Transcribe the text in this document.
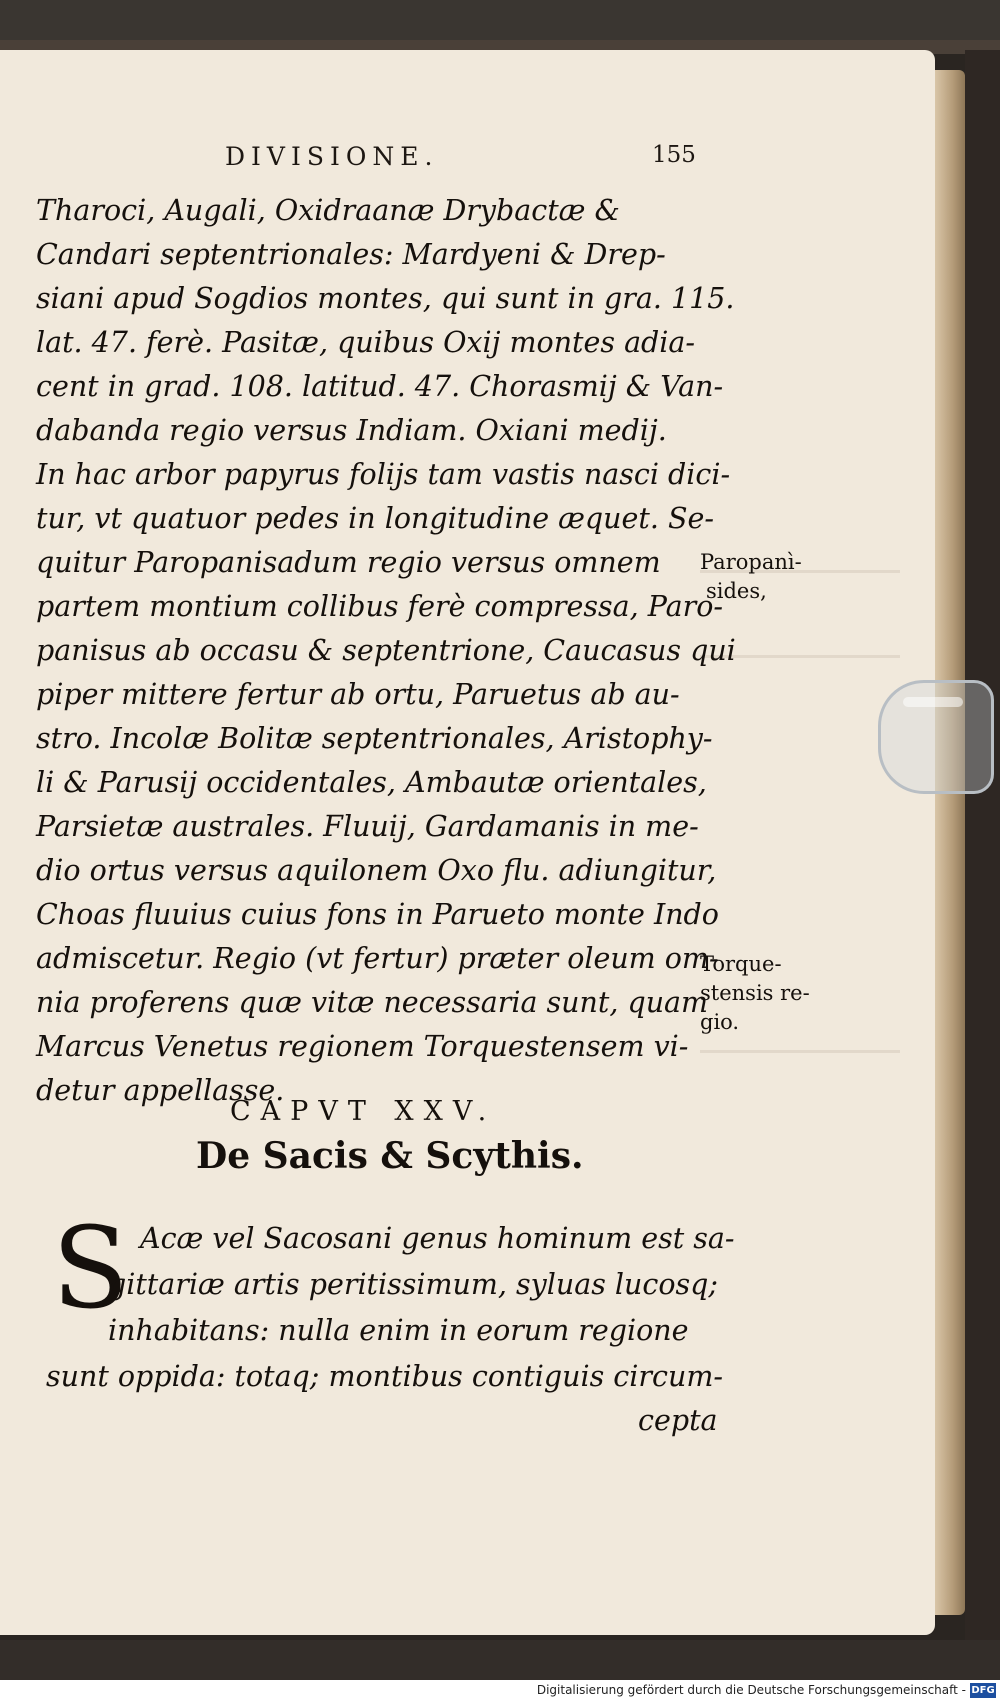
DIVISIONE.	155
Tharoci, Augali, Oxidraanæ Drybactæ &
Candari septentrionales: Mardyeni & Drep-
siani apud Sogdios montes, qui sunt in gra. 115.
lat. 47. ferè. Pasitæ, quibus Oxij montes adia-
cent in grad. 108. latitud. 47. Chorasmij & Van-
dabanda regio versus Indiam. Oxiani medij.
In hac arbor papyrus folijs tam vastis nasci dici-
tur, vt quatuor pedes in longitudine æquet. Se-
quitur Paropanisadum regio versus omnem
partem montium collibus ferè compressa, Paro-
panisus ab occasu & septentrione, Caucasus qui
piper mittere fertur ab ortu, Paruetus ab au-
stro. Incolæ Bolitæ septentrionales, Aristophy-
li & Parusij occidentales, Ambautæ orientales,
Parsietæ australes. Fluuij, Gardamanis in me-
dio ortus versus aquilonem Oxo flu. adiungitur,
Choas fluuius cuius fons in Parueto monte Indo
admiscetur. Regio (vt fertur) præter oleum om-
nia proferens quæ vitæ necessaria sunt, quam
Marcus Venetus regionem Torquestensem vi-
detur appellasse.
Paropanì-
sides,
Torque-
stensis re-
gio.
CAPVT XXV.
De Sacis & Scythis.
S Acæ vel Sacosani genus hominum est sa-
gittariæ artis peritissimum, syluas lucosq;
inhabitans: nulla enim in eorum regione
sunt oppida: totaq; montibus contiguis circum-
cepta
Digitalisierung gefördert durch die Deutsche Forschungsgemeinschaft - DFG
